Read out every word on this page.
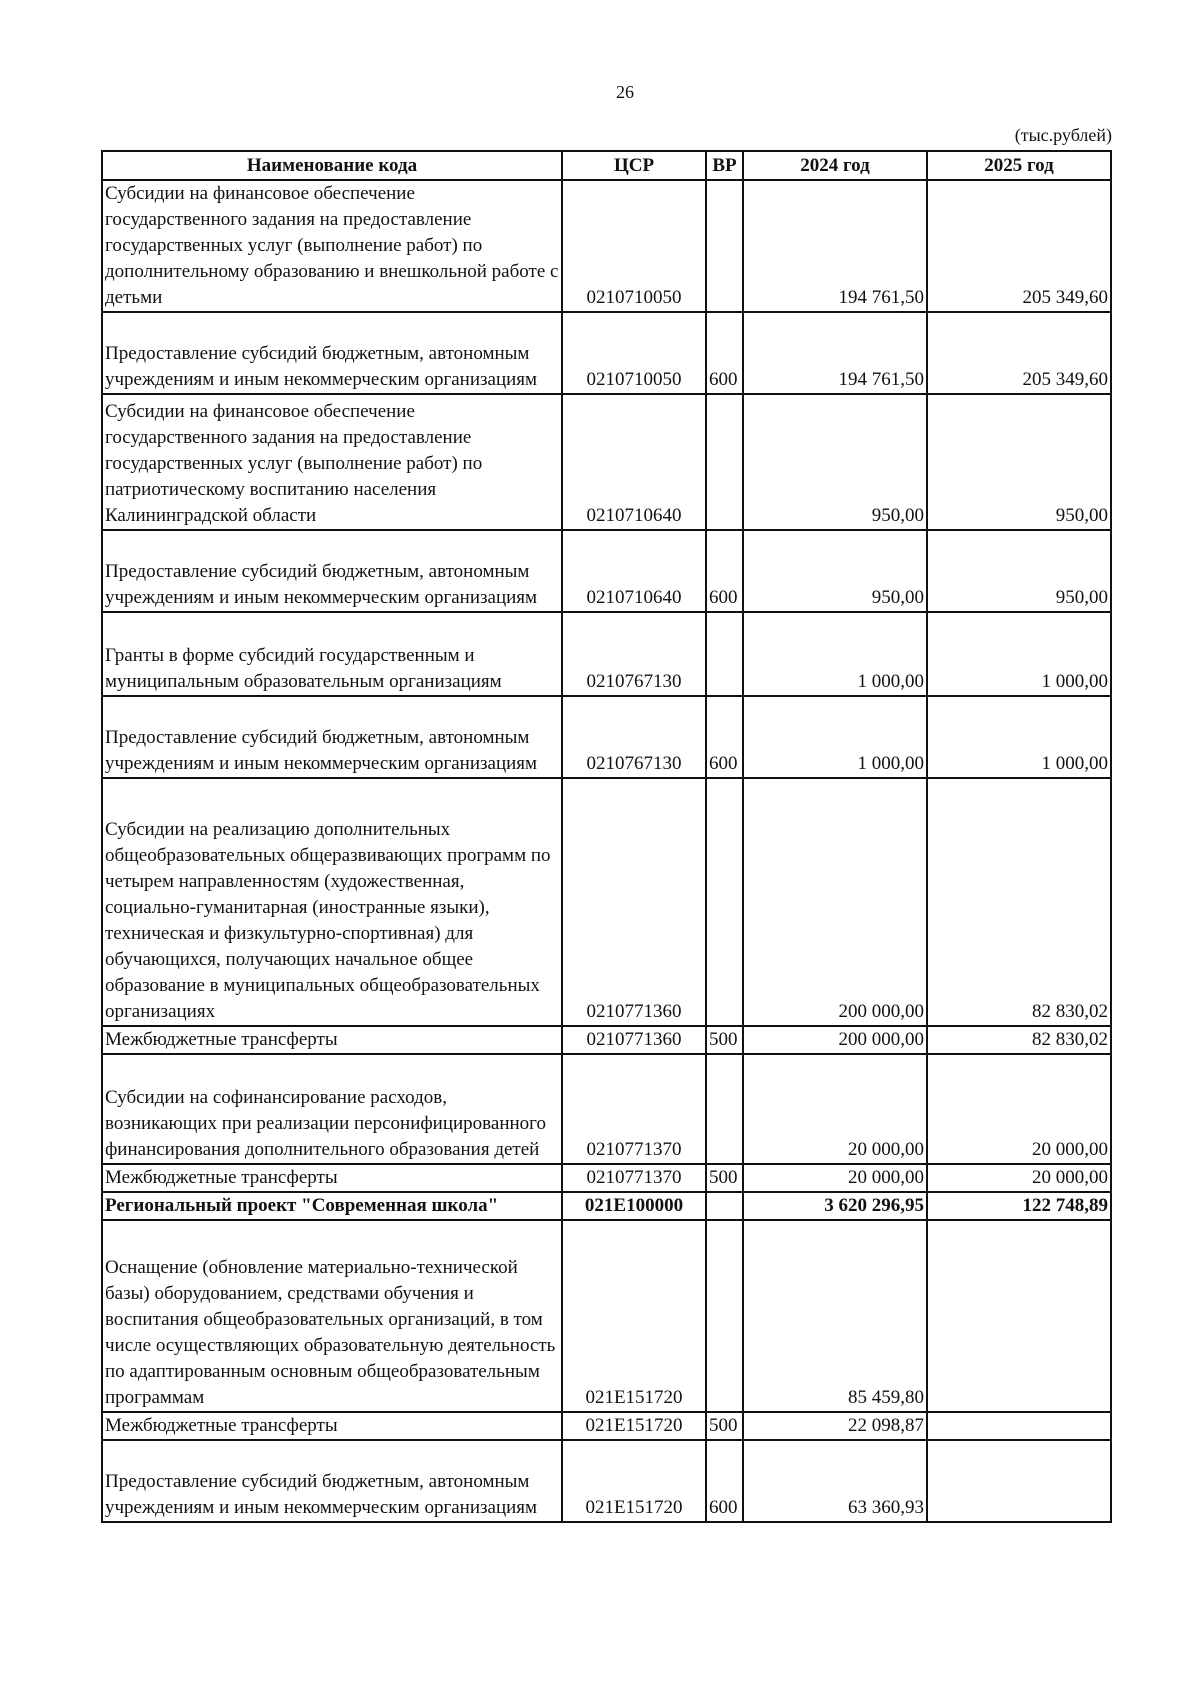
26
(тыс.рублей)
Наименование кода	ЦСР	ВР	2024 год	2025 год
Субсидии на финансовое обеспечение государственного задания на предоставление государственных услуг (выполнение работ) по дополнительному образованию и внешкольной работе с детьми	0210710050		194 761,50	205 349,60
Предоставление субсидий бюджетным, автономным учреждениям и иным некоммерческим организациям	0210710050	600	194 761,50	205 349,60
Субсидии на финансовое обеспечение государственного задания на предоставление государственных услуг (выполнение работ) по патриотическому воспитанию населения Калининградской области	0210710640		950,00	950,00
Предоставление субсидий бюджетным, автономным учреждениям и иным некоммерческим организациям	0210710640	600	950,00	950,00
Гранты в форме субсидий государственным и муниципальным образовательным организациям	0210767130		1 000,00	1 000,00
Предоставление субсидий бюджетным, автономным учреждениям и иным некоммерческим организациям	0210767130	600	1 000,00	1 000,00
Субсидии на реализацию дополнительных общеобразовательных общеразвивающих программ по четырем направленностям (художественная, социально-гуманитарная (иностранные языки), техническая и физкультурно-спортивная) для обучающихся, получающих начальное общее образование в муниципальных общеобразовательных организациях	0210771360		200 000,00	82 830,02
Межбюджетные трансферты	0210771360	500	200 000,00	82 830,02
Субсидии на софинансирование расходов, возникающих при реализации персонифицированного финансирования дополнительного образования детей	0210771370		20 000,00	20 000,00
Межбюджетные трансферты	0210771370	500	20 000,00	20 000,00
Региональный проект "Современная школа"	021E100000		3 620 296,95	122 748,89
Оснащение (обновление материально-технической базы) оборудованием, средствами обучения и воспитания общеобразовательных организаций, в том числе осуществляющих образовательную деятельность по адаптированным основным общеобразовательным программам	021E151720		85 459,80	
Межбюджетные трансферты	021E151720	500	22 098,87	
Предоставление субсидий бюджетным, автономным учреждениям и иным некоммерческим организациям	021E151720	600	63 360,93	
